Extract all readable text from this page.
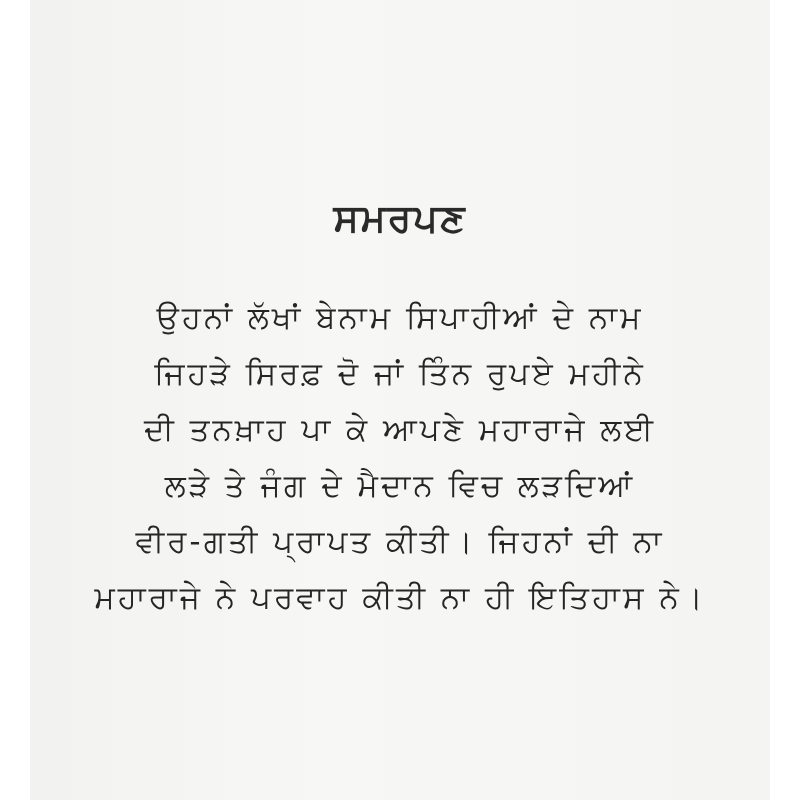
ਸਮਰਪਣ
ਉਹਨਾਂ ਲੱਖਾਂ ਬੇਨਾਮ ਸਿਪਾਹੀਆਂ ਦੇ ਨਾਮ
ਜਿਹੜੇ ਸਿਰਫ਼ ਦੋ ਜਾਂ ਤਿੰਨ ਰੁਪਏ ਮਹੀਨੇ
ਦੀ ਤਨਖ਼ਾਹ ਪਾ ਕੇ ਆਪਣੇ ਮਹਾਰਾਜੇ ਲਈ
ਲੜੇ ਤੇ ਜੰਗ ਦੇ ਮੈਦਾਨ ਵਿਚ ਲੜਦਿਆਂ
ਵੀਰ-ਗਤੀ ਪ੍ਰਾਪਤ ਕੀਤੀ। ਜਿਹਨਾਂ ਦੀ ਨਾ
ਮਹਾਰਾਜੇ ਨੇ ਪਰਵਾਹ ਕੀਤੀ ਨਾ ਹੀ ਇਤਿਹਾਸ ਨੇ।
